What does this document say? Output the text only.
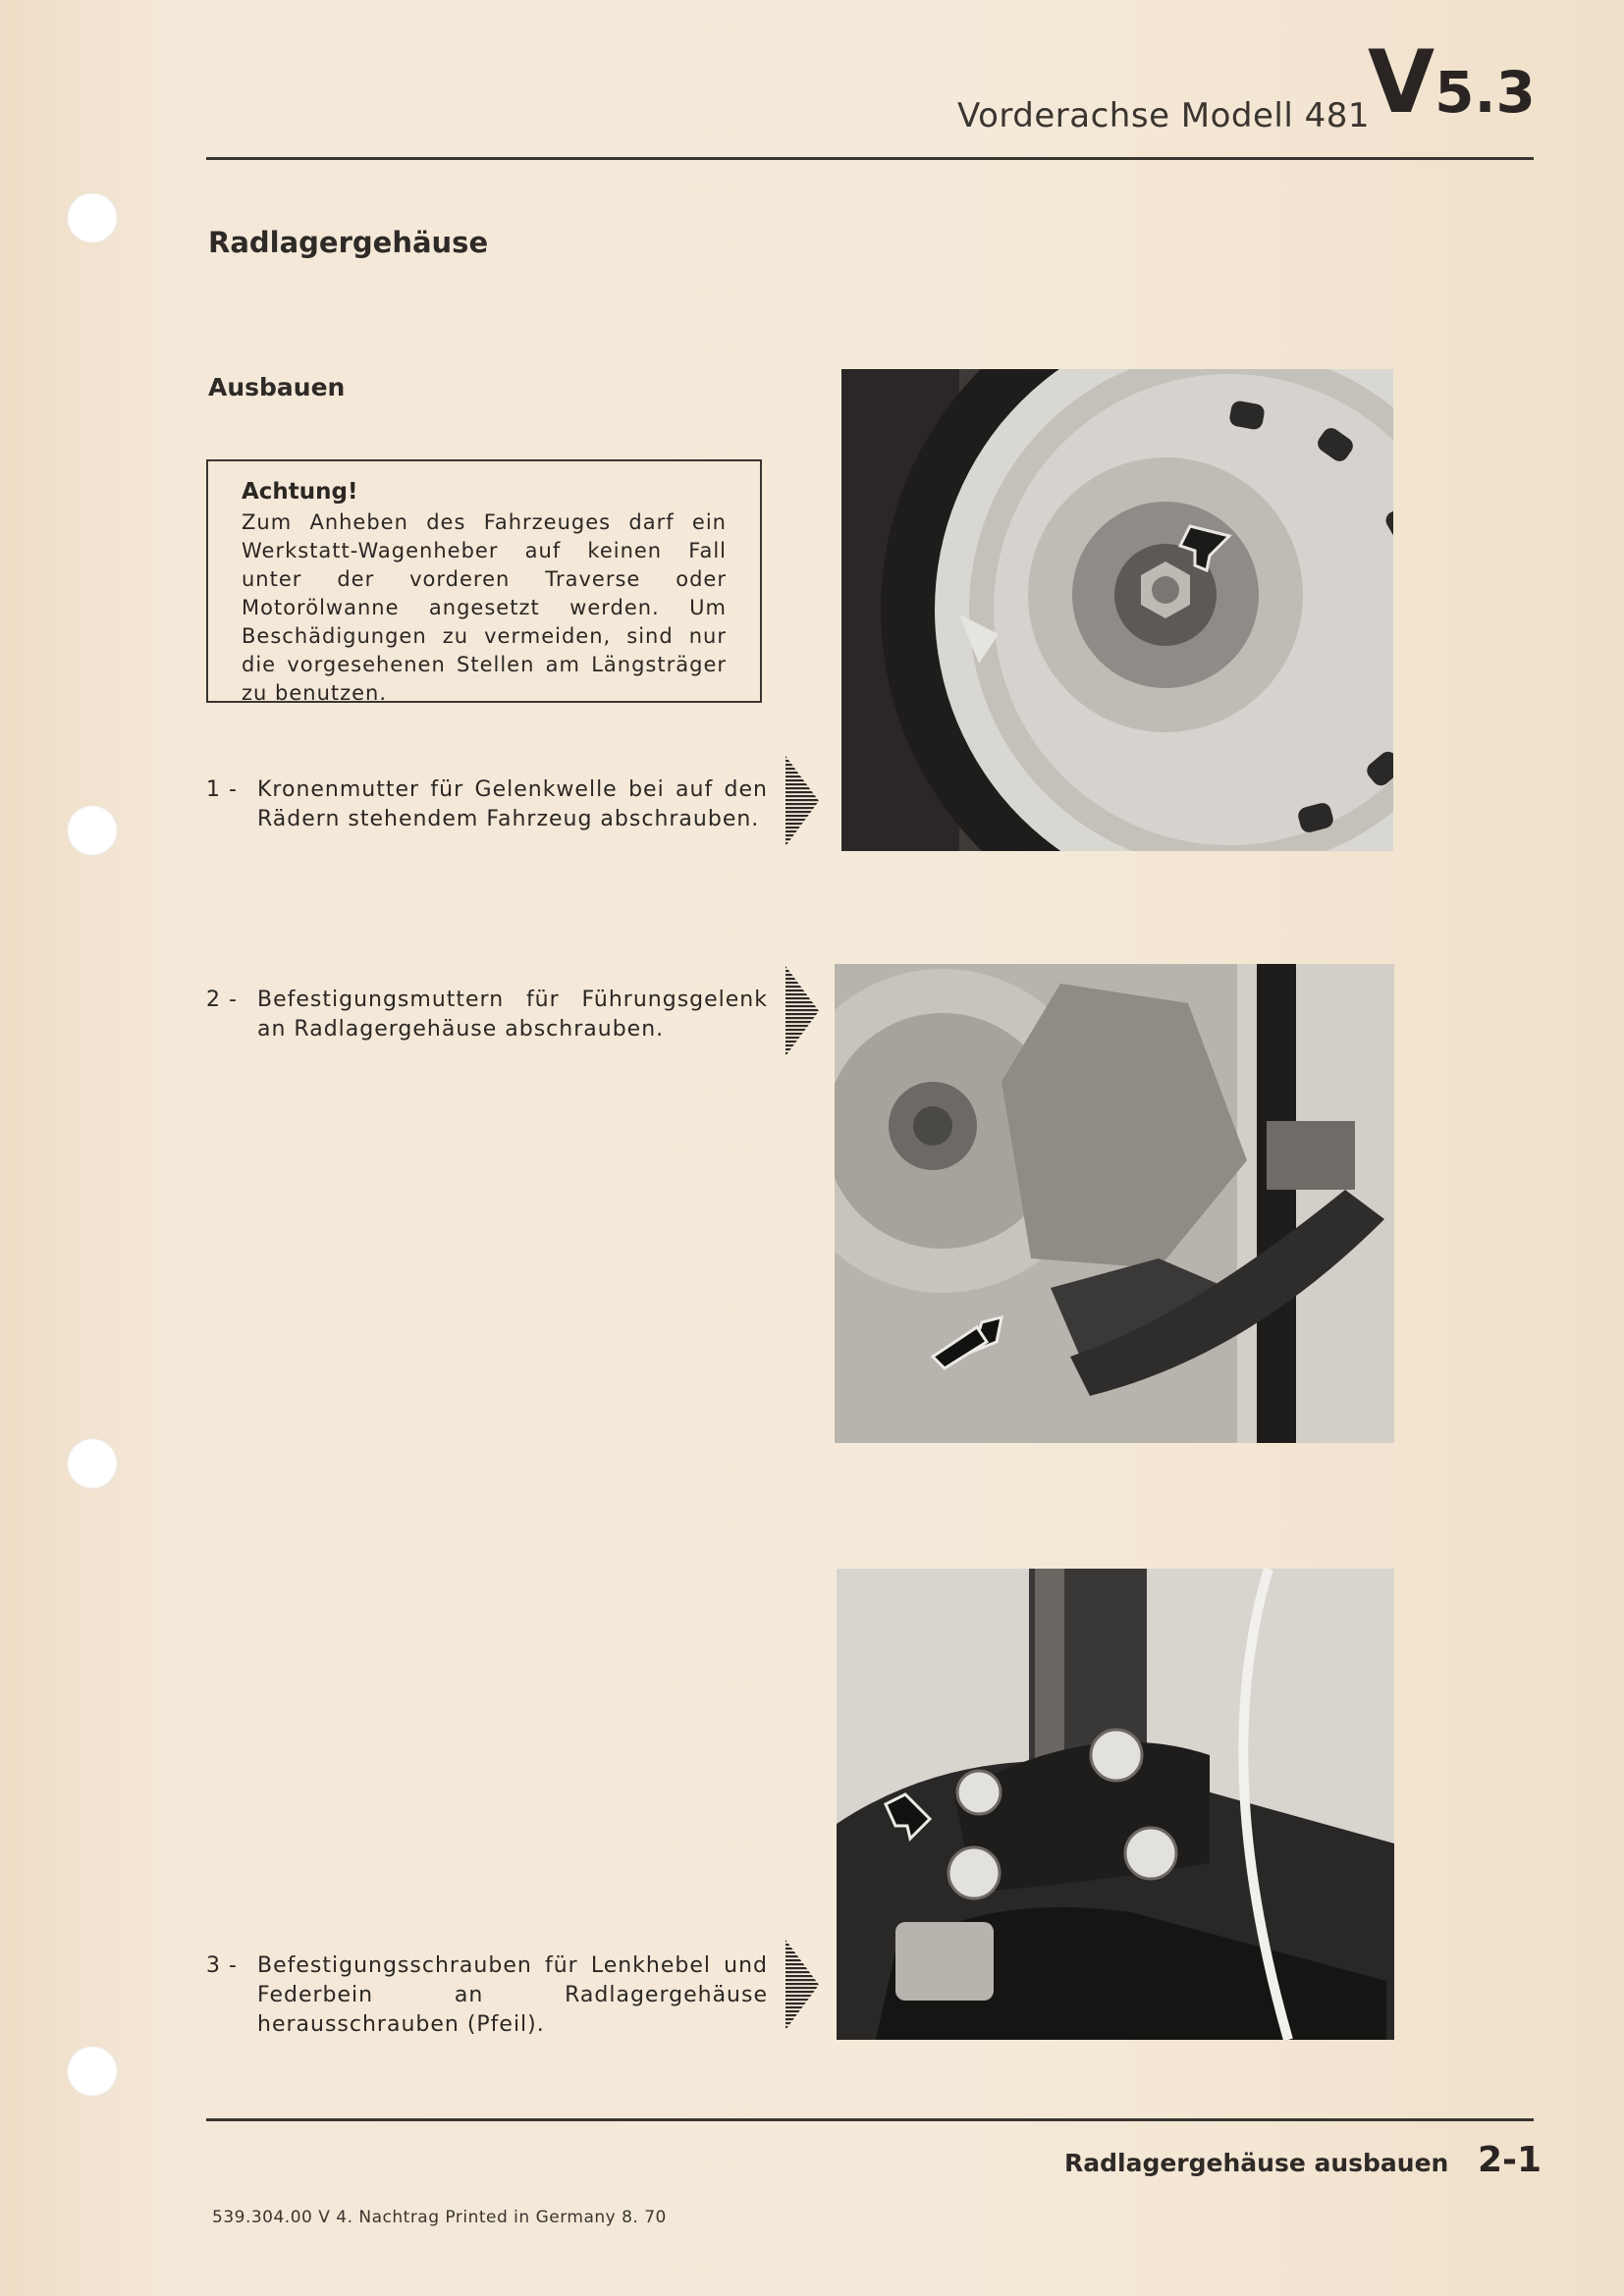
Vorderachse Modell 481
V5.3
Radlagergehäuse
Ausbauen

Achtung!

Zum Anheben des Fahrzeuges darf ein Werkstatt-Wagenheber auf keinen Fall unter der vorderen Traverse oder Motorölwanne angesetzt werden. Um Beschädigungen zu vermeiden, sind nur die vorgesehenen Stellen am Längsträger zu benutzen.
1 - Kronenmutter für Gelenkwelle bei auf den Rädern stehendem Fahrzeug abschrauben.
2 - Befestigungsmuttern für Führungsgelenk an Radlagergehäuse abschrauben.
3 - Befestigungsschrauben für Lenkhebel und Federbein an Radlagergehäuse herausschrauben (Pfeil).
Radlagergehäuse ausbauen 2-1
539.304.00 V 4. Nachtrag Printed in Germany 8. 70
